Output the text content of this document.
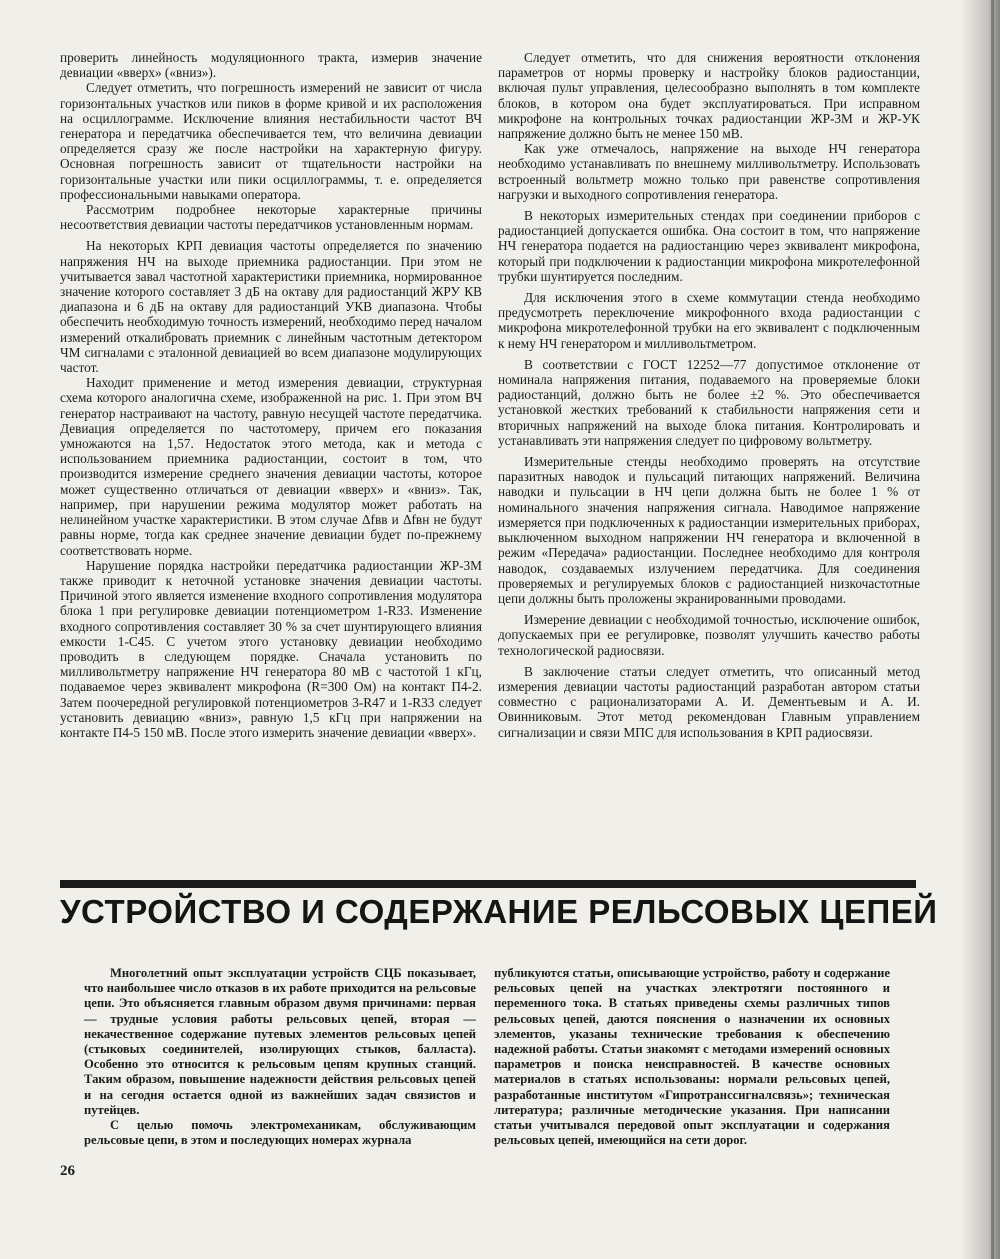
проверить линейность модуляционного тракта, измерив значение девиации «вверх» («вниз»).

Следует отметить, что погрешность измерений не зависит от числа горизонтальных участков или пиков в форме кривой и их расположения на осциллограмме. Исключение влияния нестабильности частот ВЧ генератора и передатчика обеспечивается тем, что величина девиации определяется сразу же после настройки на характерную фигуру. Основная погрешность зависит от тщательности настройки на горизонтальные участки или пики осциллограммы, т. е. определяется профессиональными навыками оператора.

Рассмотрим подробнее некоторые характерные причины несоответствия девиации частоты передатчиков установленным нормам.

На некоторых КРП девиация частоты определяется по значению напряжения НЧ на выходе приемника радиостанции. При этом не учитывается завал частотной характеристики приемника, нормированное значение которого составляет 3 дБ на октаву для радиостанций ЖРУ КВ диапазона и 6 дБ на октаву для радиостанций УКВ диапазона. Чтобы обеспечить необходимую точность измерений, необходимо перед началом измерений откалибровать приемник с линейным частотным детектором ЧМ сигналами с эталонной девиацией во всем диапазоне модулирующих частот.

Находит применение и метод измерения девиации, структурная схема которого аналогична схеме, изображенной на рис. 1. При этом ВЧ генератор настраивают на частоту, равную несущей частоте передатчика. Девиация определяется по частотомеру, причем его показания умножаются на 1,57. Недостаток этого метода, как и метода с использованием приемника радиостанции, состоит в том, что производится измерение среднего значения девиации частоты, которое может существенно отличаться от девиации «вверх» и «вниз». Так, например, при нарушении режима модулятор может работать на нелинейном участке характеристики. В этом случае Δfвв и Δfвн не будут равны норме, тогда как среднее значение девиации будет по-прежнему соответствовать норме.

Нарушение порядка настройки передатчика радиостанции ЖР-3М также приводит к неточной установке значения девиации частоты. Причиной этого является изменение входного сопротивления модулятора блока 1 при регулировке девиации потенциометром 1-R33. Изменение входного сопротивления составляет 30 % за счет шунтирующего влияния емкости 1-С45. С учетом этого установку девиации необходимо проводить в следующем порядке. Сначала установить по милливольтметру напряжение НЧ генератора 80 мВ с частотой 1 кГц, подаваемое через эквивалент микрофона (R=300 Ом) на контакт П4-2. Затем поочередной регулировкой потенциометров 3-R47 и 1-R33 следует установить девиацию «вниз», равную 1,5 кГц при напряжении на контакте П4-5 150 мВ. После этого измерить значение девиации «вверх».

Следует отметить, что для снижения вероятности отклонения параметров от нормы проверку и настройку блоков радиостанции, включая пульт управления, целесообразно выполнять в том комплекте блоков, в котором она будет эксплуатироваться. При исправном микрофоне на контрольных точках радиостанции ЖР-3М и ЖР-УК напряжение должно быть не менее 150 мВ.

Как уже отмечалось, напряжение на выходе НЧ генератора необходимо устанавливать по внешнему милливольтметру. Использовать встроенный вольтметр можно только при равенстве сопротивления нагрузки и выходного сопротивления генератора.

В некоторых измерительных стендах при соединении приборов с радиостанцией допускается ошибка. Она состоит в том, что напряжение НЧ генератора подается на радиостанцию через эквивалент микрофона, который при подключении к радиостанции микрофона микротелефонной трубки шунтируется последним.

Для исключения этого в схеме коммутации стенда необходимо предусмотреть переключение микрофонного входа радиостанции с микрофона микротелефонной трубки на его эквивалент с подключенным к нему НЧ генератором и милливольтметром.

В соответствии с ГОСТ 12252—77 допустимое отклонение от номинала напряжения питания, подаваемого на проверяемые блоки радиостанций, должно быть не более ±2 %. Это обеспечивается установкой жестких требований к стабильности напряжения сети и вторичных напряжений на выходе блока питания. Контролировать и устанавливать эти напряжения следует по цифровому вольтметру.

Измерительные стенды необходимо проверять на отсутствие паразитных наводок и пульсаций питающих напряжений. Величина наводки и пульсации в НЧ цепи должна быть не более 1 % от номинального значения напряжения сигнала. Наводимое напряжение измеряется при подключенных к радиостанции измерительных приборах, выключенном выходном напряжении НЧ генератора и включенной в режим «Передача» радиостанции. Последнее необходимо для контроля наводок, создаваемых излучением передатчика. Для соединения проверяемых и регулируемых блоков с радиостанцией низкочастотные цепи должны быть проложены экранированными проводами.

Измерение девиации с необходимой точностью, исключение ошибок, допускаемых при ее регулировке, позволят улучшить качество работы технологической радиосвязи.

В заключение статьи следует отметить, что описанный метод измерения девиации частоты радиостанций разработан автором статьи совместно с рационализаторами А. И. Дементьевым и А. И. Овинниковым. Этот метод рекомендован Главным управлением сигнализации и связи МПС для использования в КРП радиосвязи.

УСТРОЙСТВО И СОДЕРЖАНИЕ РЕЛЬСОВЫХ ЦЕПЕЙ

Многолетний опыт эксплуатации устройств СЦБ показывает, что наибольшее число отказов в их работе приходится на рельсовые цепи. Это объясняется главным образом двумя причинами: первая — трудные условия работы рельсовых цепей, вторая — некачественное содержание путевых элементов рельсовых цепей (стыковых соединителей, изолирующих стыков, балласта). Особенно это относится к рельсовым цепям крупных станций. Таким образом, повышение надежности действия рельсовых цепей и на сегодня остается одной из важнейших задач связистов и путейцев.

С целью помочь электромеханикам, обслуживающим рельсовые цепи, в этом и последующих номерах журнала

публикуются статьи, описывающие устройство, работу и содержание рельсовых цепей на участках электротяги постоянного и переменного тока. В статьях приведены схемы различных типов рельсовых цепей, даются пояснения о назначении их основных элементов, указаны технические требования к обеспечению надежной работы. Статьи знакомят с методами измерений основных параметров и поиска неисправностей. В качестве основных материалов в статьях использованы: нормали рельсовых цепей, разработанные институтом «Гипротранссигналсвязь»; техническая литература; различные методические указания. При написании статьи учитывался передовой опыт эксплуатации и содержания рельсовых цепей, имеющийся на сети дорог.

26
